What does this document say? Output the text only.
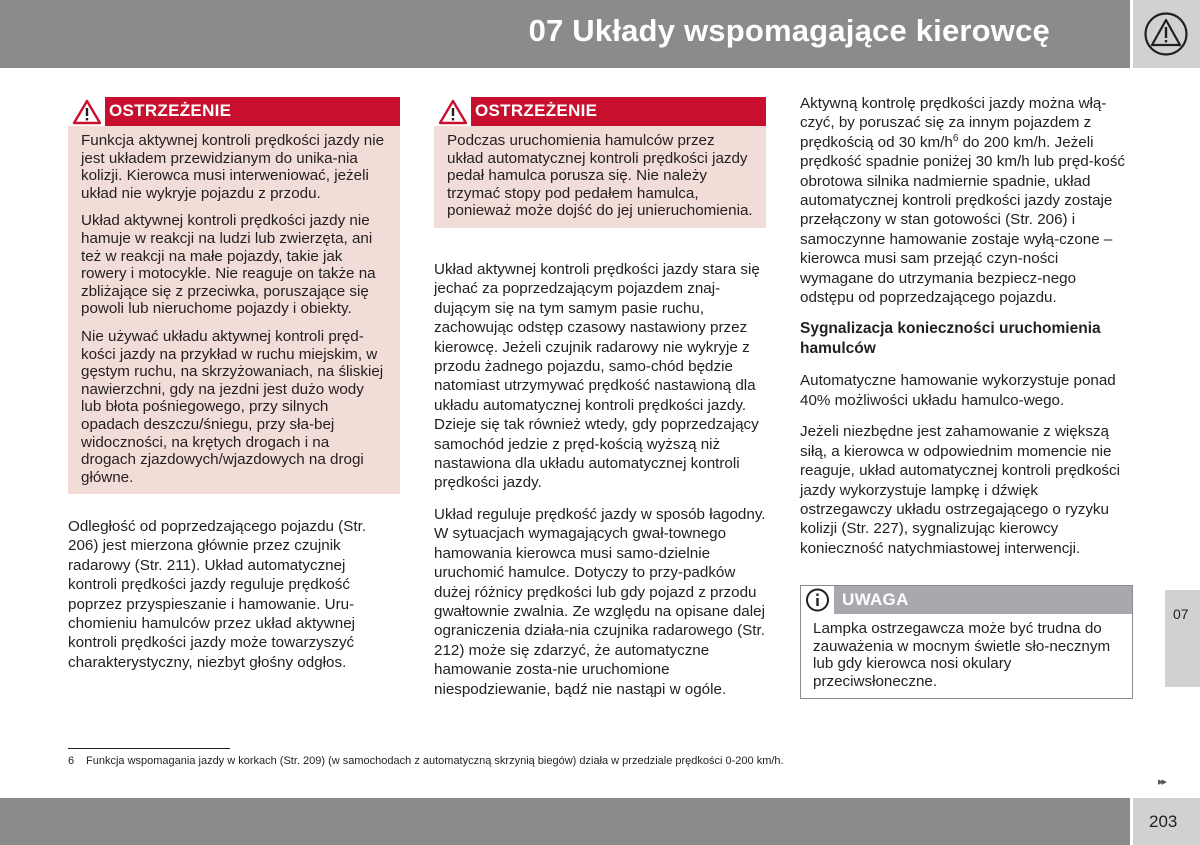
07 Układy wspomagające kierowcę
OSTRZEŻENIE

Funkcja aktywnej kontroli prędkości jazdy nie jest układem przewidzianym do unika-nia kolizji. Kierowca musi interweniować, jeżeli układ nie wykryje pojazdu z przodu.

Układ aktywnej kontroli prędkości jazdy nie hamuje w reakcji na ludzi lub zwierzęta, ani też w reakcji na małe pojazdy, takie jak rowery i motocykle. Nie reaguje on także na zbliżające się z przeciwka, poruszające się powoli lub nieruchome pojazdy i obiekty.

Nie używać układu aktywnej kontroli pręd-kości jazdy na przykład w ruchu miejskim, w gęstym ruchu, na skrzyżowaniach, na śliskiej nawierzchni, gdy na jezdni jest dużo wody lub błota pośniegowego, przy silnych opadach deszczu/śniegu, przy sła-bej widoczności, na krętych drogach i na drogach zjazdowych/wjazdowych na drogi główne.

Odległość od poprzedzającego pojazdu (Str. 206) jest mierzona głównie przez czujnik radarowy (Str. 211). Układ automatycznej kontroli prędkości jazdy reguluje prędkość poprzez przyspieszanie i hamowanie. Uru-chomieniu hamulców przez układ aktywnej kontroli prędkości jazdy może towarzyszyć charakterystyczny, niezbyt głośny odgłos.

OSTRZEŻENIE

Podczas uruchomienia hamulców przez układ automatycznej kontroli prędkości jazdy pedał hamulca porusza się. Nie należy trzymać stopy pod pedałem hamulca, ponieważ może dojść do jej unieruchomienia.

Układ aktywnej kontroli prędkości jazdy stara się jechać za poprzedzającym pojazdem znaj-dującym się na tym samym pasie ruchu, zachowując odstęp czasowy nastawiony przez kierowcę. Jeżeli czujnik radarowy nie wykryje z przodu żadnego pojazdu, samo-chód będzie natomiast utrzymywać prędkość nastawioną dla układu automatycznej kontroli prędkości jazdy. Dzieje się tak również wtedy, gdy poprzedzający samochód jedzie z pręd-kością wyższą niż nastawiona dla układu automatycznej kontroli prędkości jazdy.

Układ reguluje prędkość jazdy w sposób łagodny. W sytuacjach wymagających gwał-townego hamowania kierowca musi samo-dzielnie uruchomić hamulce. Dotyczy to przy-padków dużej różnicy prędkości lub gdy pojazd z przodu gwałtownie zwalnia. Ze względu na opisane dalej ograniczenia działa-nia czujnika radarowego (Str. 212) może się zdarzyć, że automatyczne hamowanie zosta-nie uruchomione niespodziewanie, bądź nie nastąpi w ogóle.

Aktywną kontrolę prędkości jazdy można włą-czyć, by poruszać się za innym pojazdem z prędkością od 30 $km/h^6$ do 200 km/h. Jeżeli prędkość spadnie poniżej 30 km/h lub pręd-kość obrotowa silnika nadmiernie spadnie, układ automatycznej kontroli prędkości jazdy zostaje przełączony w stan gotowości (Str. 206) i samoczynne hamowanie zostaje wyłą-czone – kierowca musi sam przejąć czyn-ności wymagane do utrzymania bezpiecz-nego odstępu od poprzedzającego pojazdu.

Sygnalizacja konieczności uruchomienia hamulców

Automatyczne hamowanie wykorzystuje ponad 40% możliwości układu hamulco-wego.

Jeżeli niezbędne jest zahamowanie z większą siłą, a kierowca w odpowiednim momencie nie reaguje, układ automatycznej kontroli prędkości jazdy wykorzystuje lampkę i dźwięk ostrzegawczy układu ostrzegającego o ryzyku kolizji (Str. 227), sygnalizując kierowcy konieczność natychmiastowej interwencji.

UWAGA
Lampka ostrzegawcza może być trudna do zauważenia w mocnym świetle sło-necznym lub gdy kierowca nosi okulary przeciwsłoneczne.
07
6 Funkcja wspomagania jazdy w korkach (Str. 209) (w samochodach z automatyczną skrzynią biegów) działa w przedziale prędkości 0-200 km/h.
▸▸
203
